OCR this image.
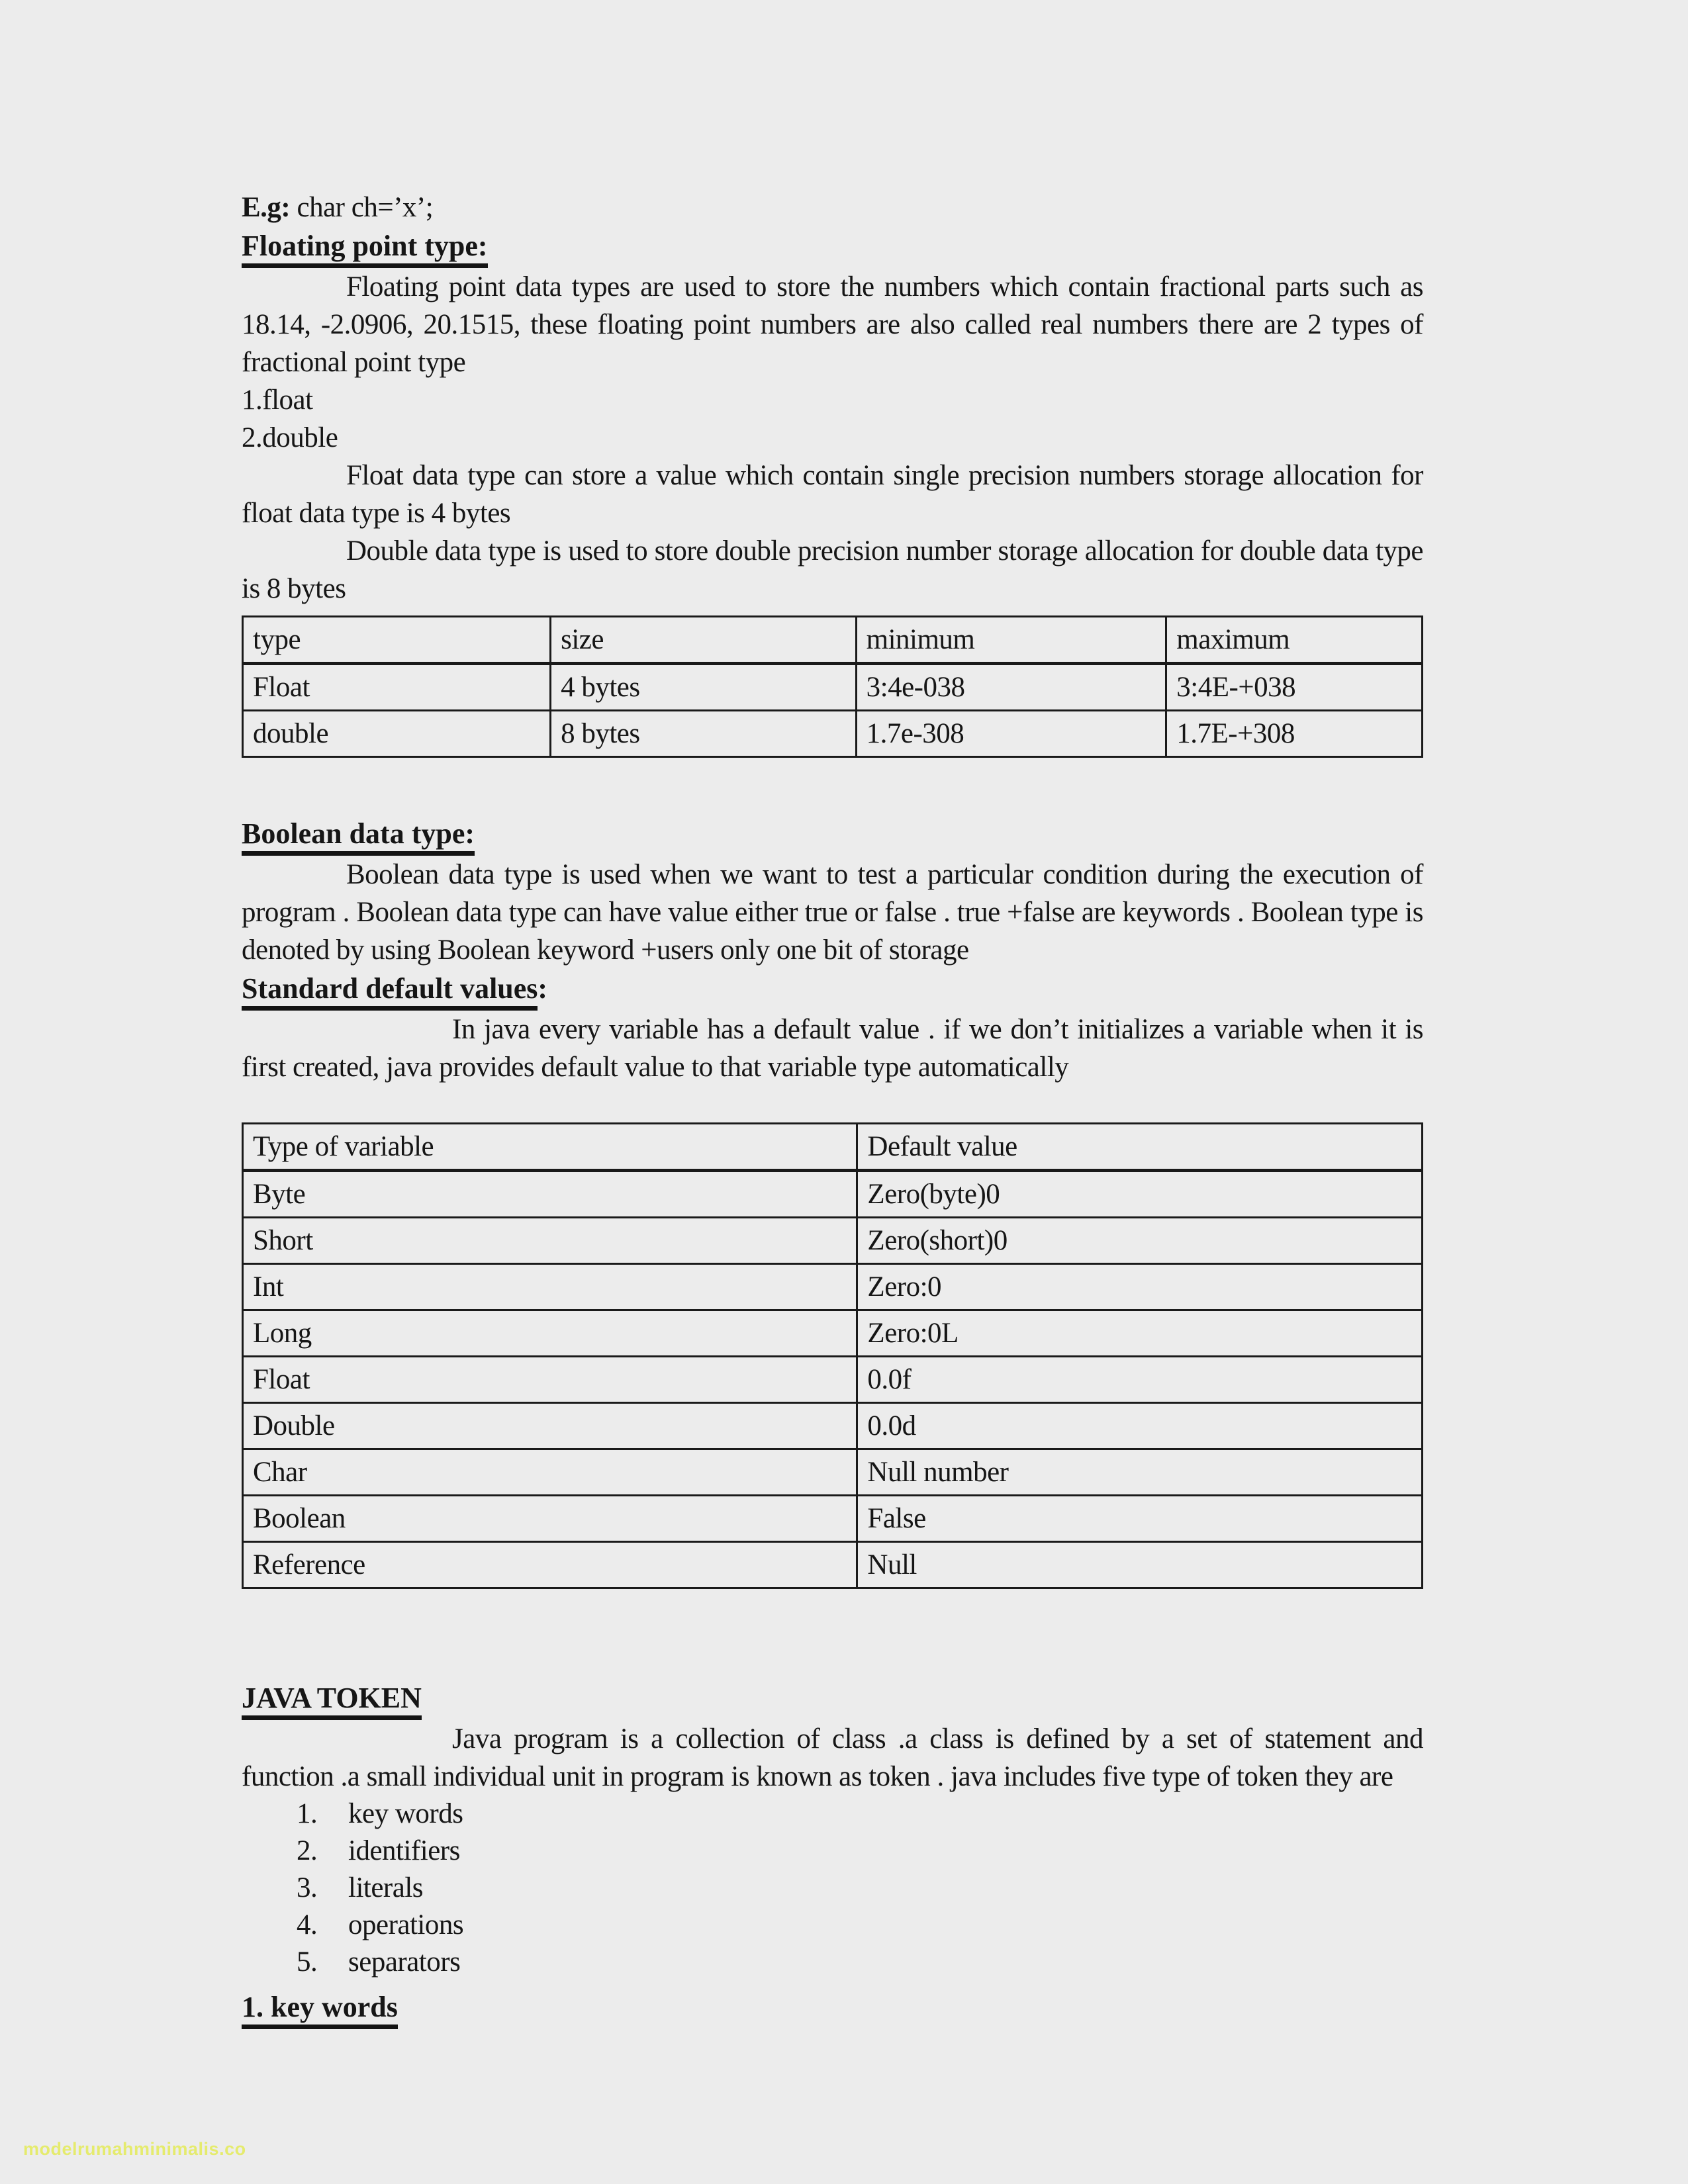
E.g: char ch=’x’;
Floating point type:
Floating point data types are used to store the numbers which contain fractional parts such as 18.14, -2.0906, 20.1515, these floating point numbers are also called real numbers there are 2 types of fractional point type
1.float
2.double
Float data type can store a value which contain single precision numbers storage allocation for float data type is 4 bytes
Double data type is used to store double precision number storage allocation for double data type is 8 bytes
type	size	minimum	maximum
Float	4 bytes	3:4e-038	3:4E-+038
double	8 bytes	1.7e-308	1.7E-+308
Boolean data type:
Boolean data type is used when we want to test a particular condition during the execution of program . Boolean data type can have value either true or false . true +false are keywords . Boolean type is denoted by using Boolean keyword +users only one bit of storage
Standard default values:
In java every variable has a default value . if we don’t initializes a variable when it is first created, java provides default value to that variable type automatically
Type of variable	Default value
Byte	Zero(byte)0
Short	Zero(short)0
Int	Zero:0
Long	Zero:0L
Float	0.0f
Double	0.0d
Char	Null number
Boolean	False
Reference	Null
JAVA TOKEN
Java program is a collection of class .a class is defined by a set of statement and function .a small individual unit in program is known as token . java includes five type of token they are
1. key words
2. identifiers
3. literals
4. operations
5. separators
1. key words
modelrumahminimalis.co
